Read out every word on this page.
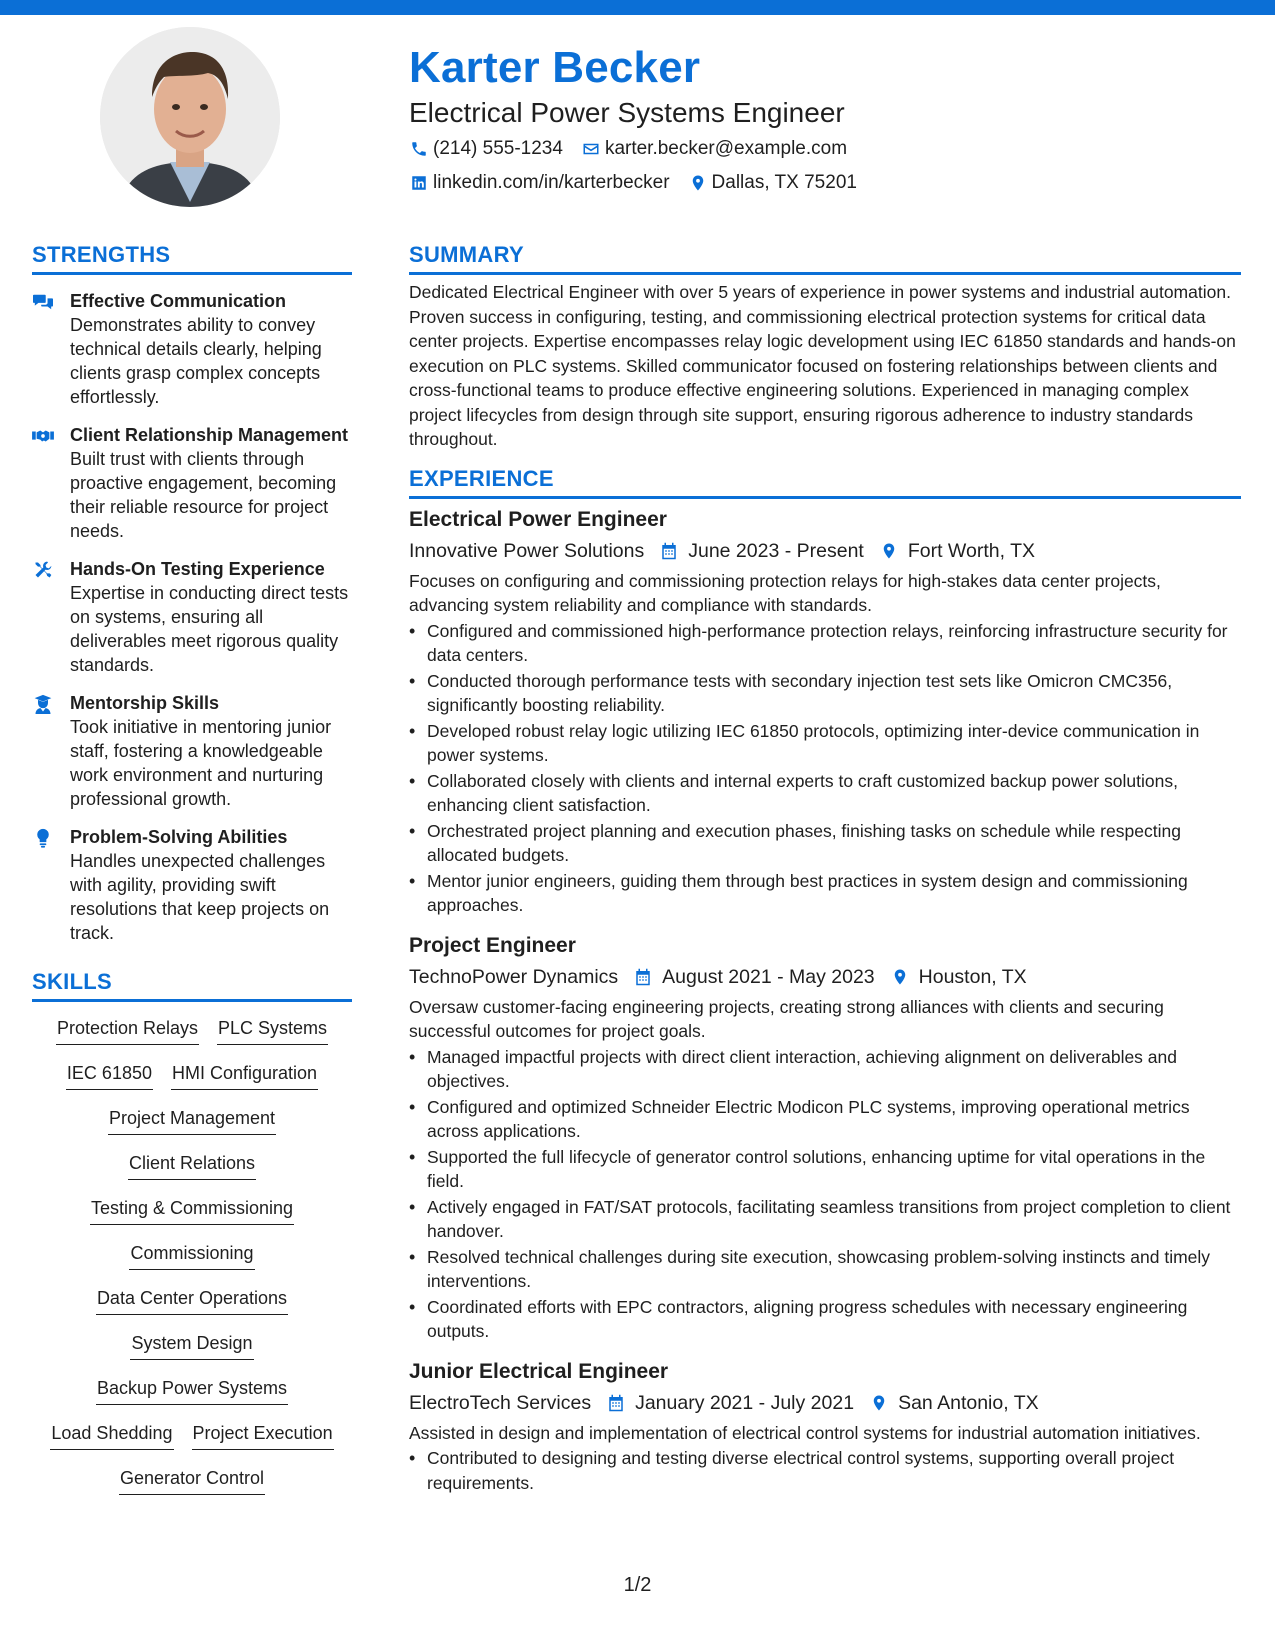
Karter Becker
Electrical Power Systems Engineer
(214) 555-1234 karter.becker@example.com
linkedin.com/in/karterbecker Dallas, TX 75201
STRENGTHS
Effective Communication
Demonstrates ability to convey technical details clearly, helping clients grasp complex concepts effortlessly.
Client Relationship Management
Built trust with clients through proactive engagement, becoming their reliable resource for project needs.
Hands-On Testing Experience
Expertise in conducting direct tests on systems, ensuring all deliverables meet rigorous quality standards.
Mentorship Skills
Took initiative in mentoring junior staff, fostering a knowledgeable work environment and nurturing professional growth.
Problem-Solving Abilities
Handles unexpected challenges with agility, providing swift resolutions that keep projects on track.
SKILLS
Protection Relays PLC Systems
IEC 61850 HMI Configuration
Project Management
Client Relations
Testing & Commissioning
Commissioning
Data Center Operations
System Design
Backup Power Systems
Load Shedding Project Execution
Generator Control
SUMMARY
Dedicated Electrical Engineer with over 5 years of experience in power systems and industrial automation. Proven success in configuring, testing, and commissioning electrical protection systems for critical data center projects. Expertise encompasses relay logic development using IEC 61850 standards and hands-on execution on PLC systems. Skilled communicator focused on fostering relationships between clients and cross-functional teams to produce effective engineering solutions. Experienced in managing complex project lifecycles from design through site support, ensuring rigorous adherence to industry standards throughout.
EXPERIENCE
Electrical Power Engineer
Innovative Power Solutions June 2023 - Present Fort Worth, TX
Focuses on configuring and commissioning protection relays for high-stakes data center projects, advancing system reliability and compliance with standards.
• Configured and commissioned high-performance protection relays, reinforcing infrastructure security for data centers.
• Conducted thorough performance tests with secondary injection test sets like Omicron CMC356, significantly boosting reliability.
• Developed robust relay logic utilizing IEC 61850 protocols, optimizing inter-device communication in power systems.
• Collaborated closely with clients and internal experts to craft customized backup power solutions, enhancing client satisfaction.
• Orchestrated project planning and execution phases, finishing tasks on schedule while respecting allocated budgets.
• Mentor junior engineers, guiding them through best practices in system design and commissioning approaches.
Project Engineer
TechnoPower Dynamics August 2021 - May 2023 Houston, TX
Oversaw customer-facing engineering projects, creating strong alliances with clients and securing successful outcomes for project goals.
• Managed impactful projects with direct client interaction, achieving alignment on deliverables and objectives.
• Configured and optimized Schneider Electric Modicon PLC systems, improving operational metrics across applications.
• Supported the full lifecycle of generator control solutions, enhancing uptime for vital operations in the field.
• Actively engaged in FAT/SAT protocols, facilitating seamless transitions from project completion to client handover.
• Resolved technical challenges during site execution, showcasing problem-solving instincts and timely interventions.
• Coordinated efforts with EPC contractors, aligning progress schedules with necessary engineering outputs.
Junior Electrical Engineer
ElectroTech Services January 2021 - July 2021 San Antonio, TX
Assisted in design and implementation of electrical control systems for industrial automation initiatives.
• Contributed to designing and testing diverse electrical control systems, supporting overall project requirements.
1/2
